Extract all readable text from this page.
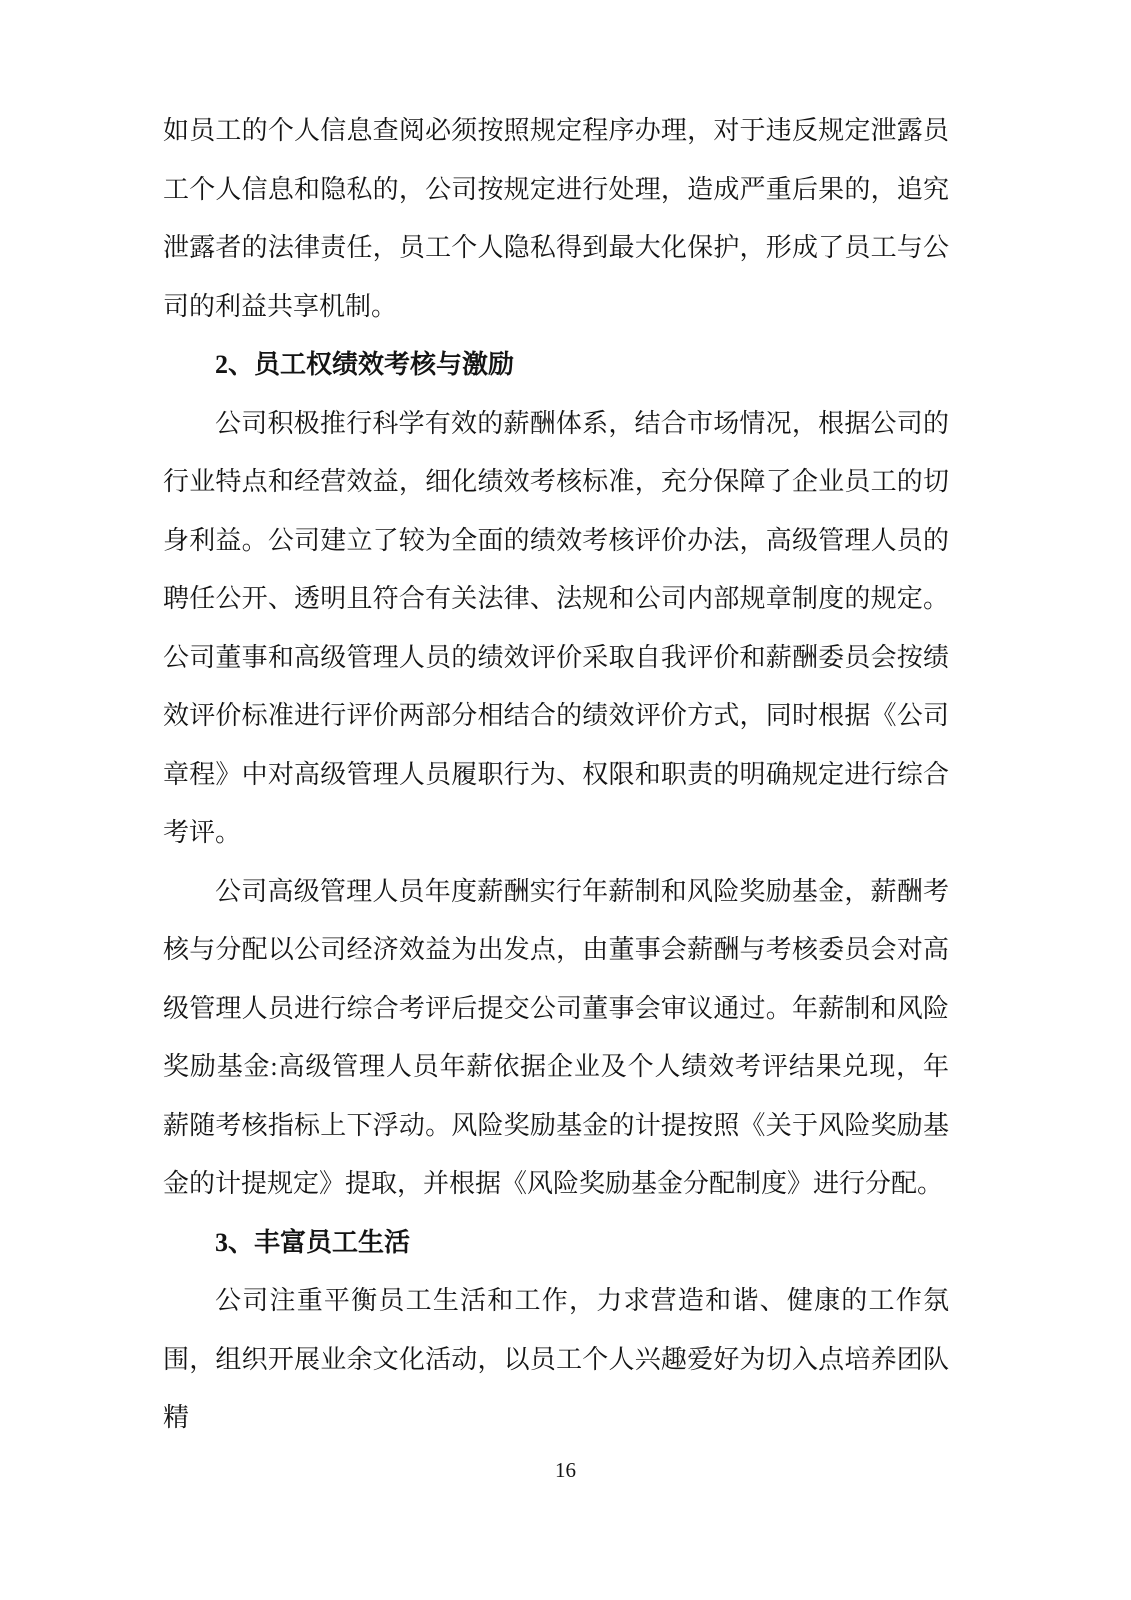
如员工的个人信息查阅必须按照规定程序办理，对于违反规定泄露员工个人信息和隐私的，公司按规定进行处理，造成严重后果的，追究泄露者的法律责任，员工个人隐私得到最大化保护，形成了员工与公司的利益共享机制。

2、员工权绩效考核与激励

公司积极推行科学有效的薪酬体系，结合市场情况，根据公司的行业特点和经营效益，细化绩效考核标准，充分保障了企业员工的切身利益。公司建立了较为全面的绩效考核评价办法，高级管理人员的聘任公开、透明且符合有关法律、法规和公司内部规章制度的规定。公司董事和高级管理人员的绩效评价采取自我评价和薪酬委员会按绩效评价标准进行评价两部分相结合的绩效评价方式，同时根据《公司章程》中对高级管理人员履职行为、权限和职责的明确规定进行综合考评。

公司高级管理人员年度薪酬实行年薪制和风险奖励基金，薪酬考核与分配以公司经济效益为出发点，由董事会薪酬与考核委员会对高级管理人员进行综合考评后提交公司董事会审议通过。年薪制和风险奖励基金:高级管理人员年薪依据企业及个人绩效考评结果兑现，年薪随考核指标上下浮动。风险奖励基金的计提按照《关于风险奖励基金的计提规定》提取，并根据《风险奖励基金分配制度》进行分配。

3、丰富员工生活

公司注重平衡员工生活和工作，力求营造和谐、健康的工作氛围，组织开展业余文化活动，以员工个人兴趣爱好为切入点培养团队精

16
